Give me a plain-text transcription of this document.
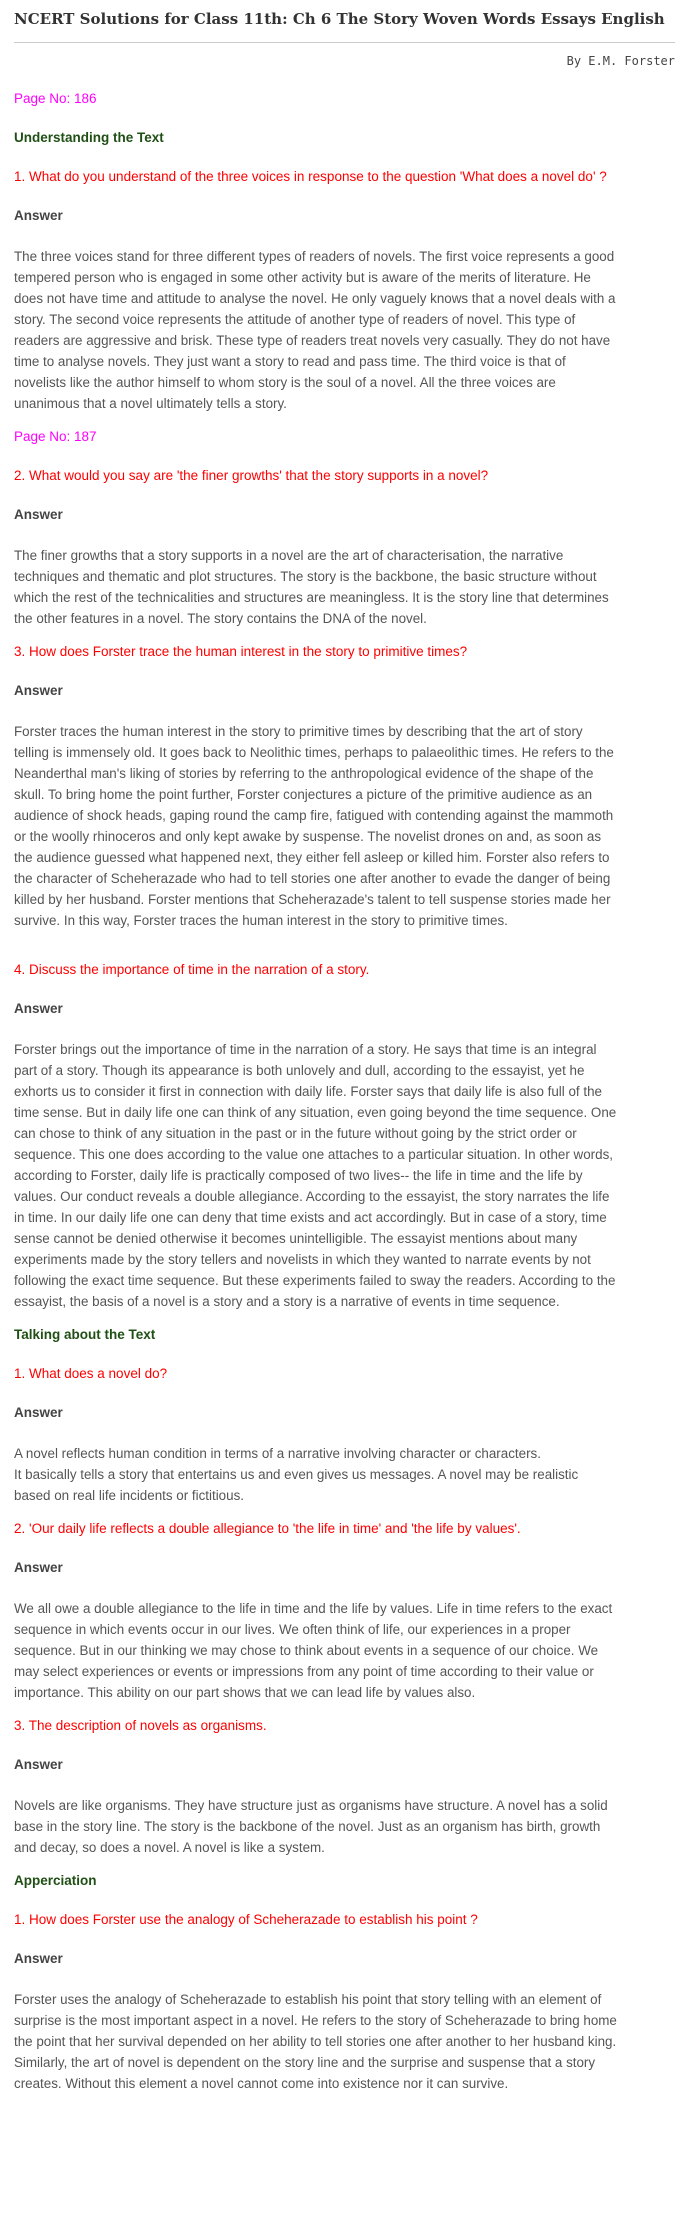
NCERT Solutions for Class 11th: Ch 6 The Story Woven Words Essays English

By E.M. Forster

Page No: 186

Understanding the Text

1. What do you understand of the three voices in response to the question 'What does a novel do' ?

Answer

The three voices stand for three different types of readers of novels. The first voice represents a good

tempered person who is engaged in some other activity but is aware of the merits of literature. He

does not have time and attitude to analyse the novel. He only vaguely knows that a novel deals with a

story. The second voice represents the attitude of another type of readers of novel. This type of

readers are aggressive and brisk. These type of readers treat novels very casually. They do not have

time to analyse novels. They just want a story to read and pass time. The third voice is that of

novelists like the author himself to whom story is the soul of a novel. All the three voices are

unanimous that a novel ultimately tells a story.

Page No: 187

2. What would you say are 'the finer growths' that the story supports in a novel?

Answer

The finer growths that a story supports in a novel are the art of characterisation, the narrative

techniques and thematic and plot structures. The story is the backbone, the basic structure without

which the rest of the technicalities and structures are meaningless. It is the story line that determines

the other features in a novel. The story contains the DNA of the novel.

3. How does Forster trace the human interest in the story to primitive times?

Answer

Forster traces the human interest in the story to primitive times by describing that the art of story

telling is immensely old. It goes back to Neolithic times, perhaps to palaeolithic times. He refers to the

Neanderthal man's liking of stories by referring to the anthropological evidence of the shape of the

skull. To bring home the point further, Forster conjectures a picture of the primitive audience as an

audience of shock heads, gaping round the camp fire, fatigued with contending against the mammoth

or the woolly rhinoceros and only kept awake by suspense. The novelist drones on and, as soon as

the audience guessed what happened next, they either fell asleep or killed him. Forster also refers to

the character of Scheherazade who had to tell stories one after another to evade the danger of being

killed by her husband. Forster mentions that Scheherazade's talent to tell suspense stories made her

survive. In this way, Forster traces the human interest in the story to primitive times.

4. Discuss the importance of time in the narration of a story.

Answer

Forster brings out the importance of time in the narration of a story. He says that time is an integral

part of a story. Though its appearance is both unlovely and dull, according to the essayist, yet he

exhorts us to consider it first in connection with daily life. Forster says that daily life is also full of the

time sense. But in daily life one can think of any situation, even going beyond the time sequence. One

can chose to think of any situation in the past or in the future without going by the strict order or

sequence. This one does according to the value one attaches to a particular situation. In other words,

according to Forster, daily life is practically composed of two lives-- the life in time and the life by

values. Our conduct reveals a double allegiance. According to the essayist, the story narrates the life

in time. In our daily life one can deny that time exists and act accordingly. But in case of a story, time

sense cannot be denied otherwise it becomes unintelligible. The essayist mentions about many

experiments made by the story tellers and novelists in which they wanted to narrate events by not

following the exact time sequence. But these experiments failed to sway the readers. According to the

essayist, the basis of a novel is a story and a story is a narrative of events in time sequence.

Talking about the Text

1. What does a novel do?

Answer

A novel reflects human condition in terms of a narrative involving character or characters.

It basically tells a story that entertains us and even gives us messages. A novel may be realistic

based on real life incidents or fictitious.

2. 'Our daily life reflects a double allegiance to 'the life in time' and 'the life by values'.

Answer

We all owe a double allegiance to the life in time and the life by values. Life in time refers to the exact

sequence in which events occur in our lives. We often think of life, our experiences in a proper

sequence. But in our thinking we may chose to think about events in a sequence of our choice. We

may select experiences or events or impressions from any point of time according to their value or

importance. This ability on our part shows that we can lead life by values also.

3. The description of novels as organisms.

Answer

Novels are like organisms. They have structure just as organisms have structure. A novel has a solid

base in the story line. The story is the backbone of the novel. Just as an organism has birth, growth

and decay, so does a novel. A novel is like a system.

Apperciation

1. How does Forster use the analogy of Scheherazade to establish his point ?

Answer

Forster uses the analogy of Scheherazade to establish his point that story telling with an element of

surprise is the most important aspect in a novel. He refers to the story of Scheherazade to bring home

the point that her survival depended on her ability to tell stories one after another to her husband king.

Similarly, the art of novel is dependent on the story line and the surprise and suspense that a story

creates. Without this element a novel cannot come into existence nor it can survive.
